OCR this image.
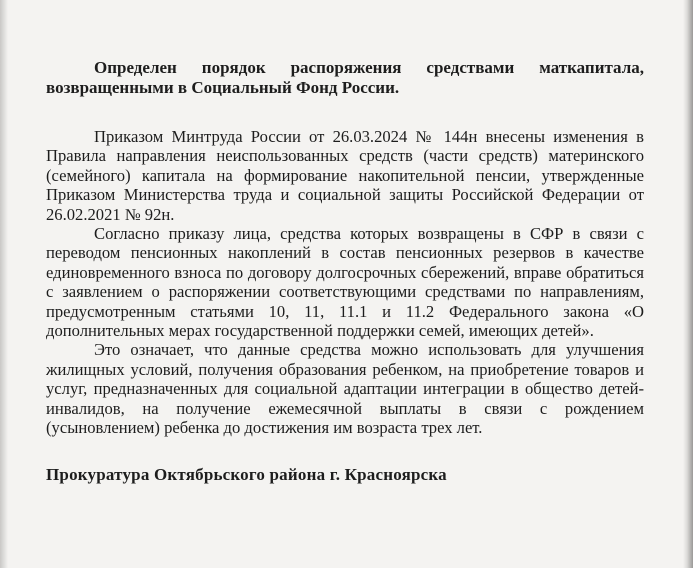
Определен порядок распоряжения средствами маткапитала, возвращенными в Социальный Фонд России.

Приказом Минтруда России от 26.03.2024 № 144н внесены изменения в Правила направления неиспользованных средств (части средств) материнского (семейного) капитала на формирование накопительной пенсии, утвержденные Приказом Министерства труда и социальной защиты Российской Федерации от 26.02.2021 № 92н.

Согласно приказу лица, средства которых возвращены в СФР в связи с переводом пенсионных накоплений в состав пенсионных резервов в качестве единовременного взноса по договору долгосрочных сбережений, вправе обратиться с заявлением о распоряжении соответствующими средствами по направлениям, предусмотренным статьями 10, 11, 11.1 и 11.2 Федерального закона «О дополнительных мерах государственной поддержки семей, имеющих детей».

Это означает, что данные средства можно использовать для улучшения жилищных условий, получения образования ребенком, на приобретение товаров и услуг, предназначенных для социальной адаптации интеграции в общество детей-инвалидов, на получение ежемесячной выплаты в связи с рождением (усыновлением) ребенка до достижения им возраста трех лет.

Прокуратура Октябрьского района г. Красноярска
